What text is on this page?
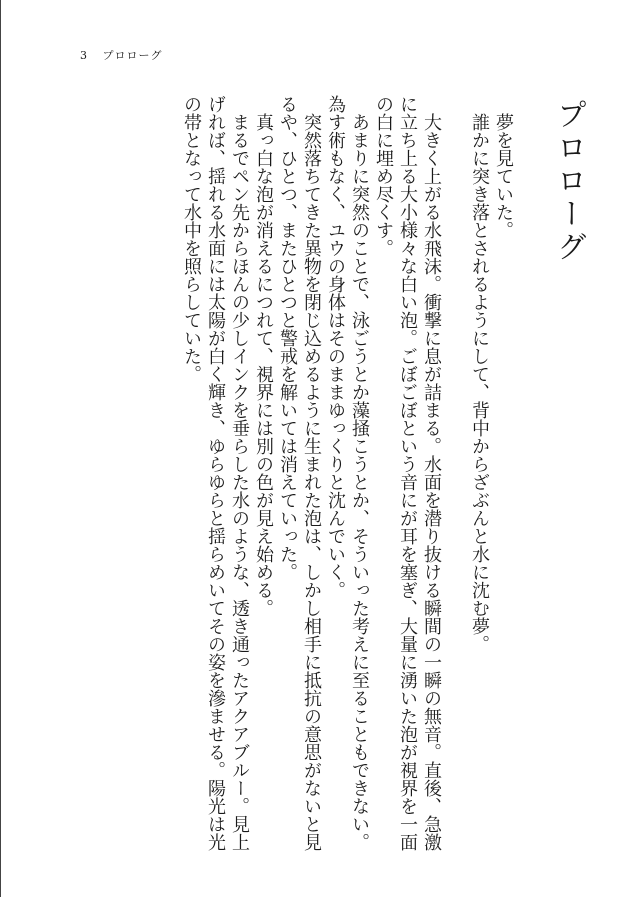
3 プロローグ
プロローグ

夢を見ていた。

誰かに突き落とされるようにして、背中からざぶんと水に沈む夢。

大きく上がる水飛沫。衝撃に息が詰まる。水面を潜り抜ける瞬間の一瞬の無音。直後、急激に立ち上る大小様々な白い泡。ごぼごぼという音にが耳を塞ぎ、大量に湧いた泡が視界を一面の白に埋め尽くす。

あまりに突然のことで、泳ごうとか藻掻こうとか、そういった考えに至ることもできない。為す術もなく、ユウの身体はそのままゆっくりと沈んでいく。

突然落ちてきた異物を閉じ込めるように生まれた泡は、しかし相手に抵抗の意思がないと見るや、ひとつ、またひとつと警戒を解いては消えていった。

真っ白な泡が消えるにつれて、視界には別の色が見え始める。

まるでペン先からほんの少しインクを垂らした水のような、透き通ったアクアブルー。見上げれば、揺れる水面には太陽が白く輝き、ゆらゆらと揺らめいてその姿を滲ませる。陽光は光の帯となって水中を照らしていた。
